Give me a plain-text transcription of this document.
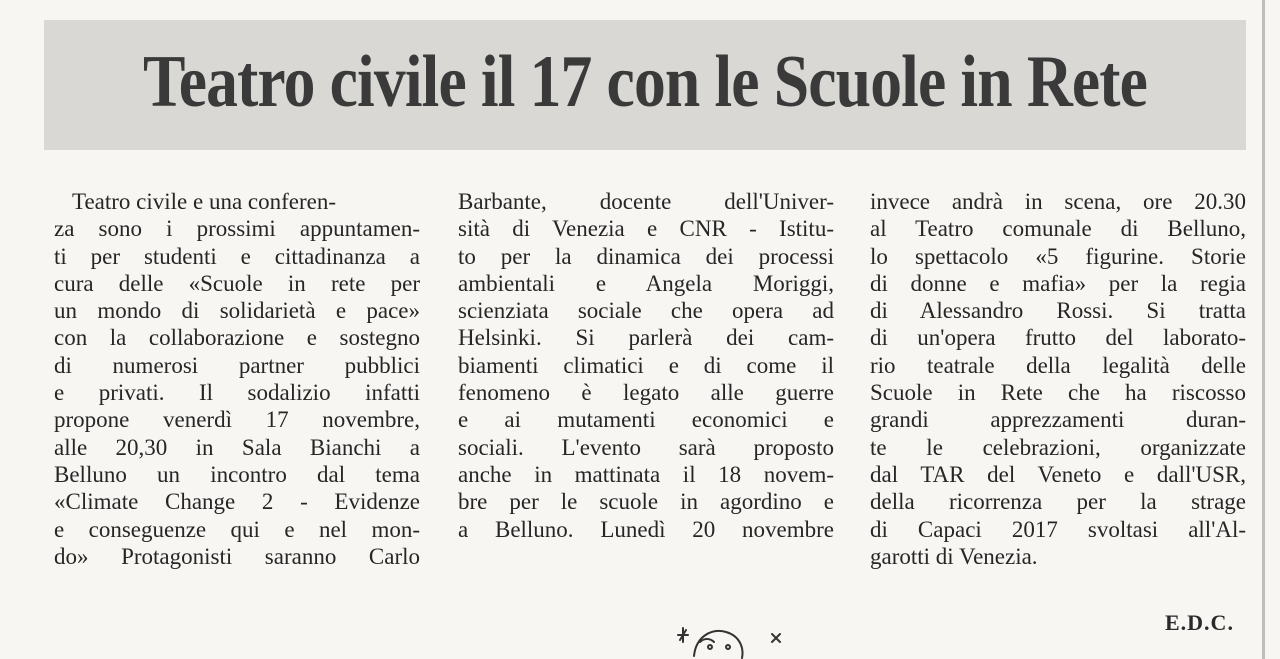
Teatro civile il 17 con le Scuole in Rete
Teatro civile e una conferen-
za sono i prossimi appuntamen-
ti per studenti e cittadinanza a
cura delle «Scuole in rete per
un mondo di solidarietà e pace»
con la collaborazione e sostegno
di numerosi partner pubblici
e privati. Il sodalizio infatti
propone venerdì 17 novembre,
alle 20,30 in Sala Bianchi a
Belluno un incontro dal tema
«Climate Change 2 - Evidenze
e conseguenze qui e nel mon-
do» Protagonisti saranno Carlo
Barbante, docente dell'Univer-
sità di Venezia e CNR - Istitu-
to per la dinamica dei processi
ambientali e Angela Moriggi,
scienziata sociale che opera ad
Helsinki. Si parlerà dei cam-
biamenti climatici e di come il
fenomeno è legato alle guerre
e ai mutamenti economici e
sociali. L'evento sarà proposto
anche in mattinata il 18 novem-
bre per le scuole in agordino e
a Belluno. Lunedì 20 novembre
invece andrà in scena, ore 20.30
al Teatro comunale di Belluno,
lo spettacolo «5 figurine. Storie
di donne e mafia» per la regia
di Alessandro Rossi. Si tratta
di un'opera frutto del laborato-
rio teatrale della legalità delle
Scuole in Rete che ha riscosso
grandi apprezzamenti duran-
te le celebrazioni, organizzate
dal TAR del Veneto e dall'USR,
della ricorrenza per la strage
di Capaci 2017 svoltasi all'Al-
garotti di Venezia.
E.D.C.
